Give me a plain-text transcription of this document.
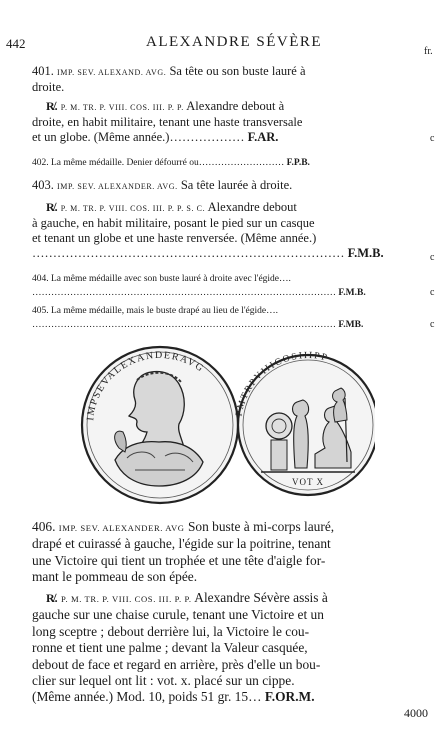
442	ALEXANDRE SÉVÈRE
fr.
401. IMP. SEV. ALEXAND. AVG. Sa tête ou son buste lauré à
droite.
R̸. P. M. TR. P. VIII. COS. III. P. P. Alexandre debout à
droite, en habit militaire, tenant une haste transversale
et un globe. (Même année.)……………… F.AR.	c
402. La même médaille. Denier défourré ou……………………… F.P.B.
403. IMP. SEV. ALEXANDER. AVG. Sa tête laurée à droite.
R̸. P. M. TR. P. VIII. COS. III. P. P. S. C. Alexandre debout
à gauche, en habit militaire, posant le pied sur un casque
et tenant un globe et une haste renversée. (Même année.)
………………………………………………………………… F.M.B.	c
404. La même médaille avec son buste lauré à droite avec l'égide….
…………………………………………………………………………………… F.M.B.	c
405. La même médaille, mais le buste drapé au lieu de l'égide….
…………………………………………………………………………………… F.MB.	c
IMPSEVALEXANDERAVG
PMTRPVIIICOSIIIPP
VOT X
406. IMP. SEV. ALEXANDER. AVG Son buste à mi-corps lauré,
drapé et cuirassé à gauche, l'égide sur la poitrine, tenant
une Victoire qui tient un trophée et une tête d'aigle for-
mant le pommeau de son épée.
R̸. P. M. TR. P. VIII. COS. III. P. P. Alexandre Sévère assis à
gauche sur une chaise curule, tenant une Victoire et un
long sceptre ; debout derrière lui, la Victoire le cou-
ronne et tient une palme ; devant la Valeur casquée,
debout de face et regard en arrière, près d'elle un bou-
clier sur lequel ont lit : vot. x. placé sur un cippe.
(Même année.) Mod. 10, poids 51 gr. 15… F.OR.M.
4000
